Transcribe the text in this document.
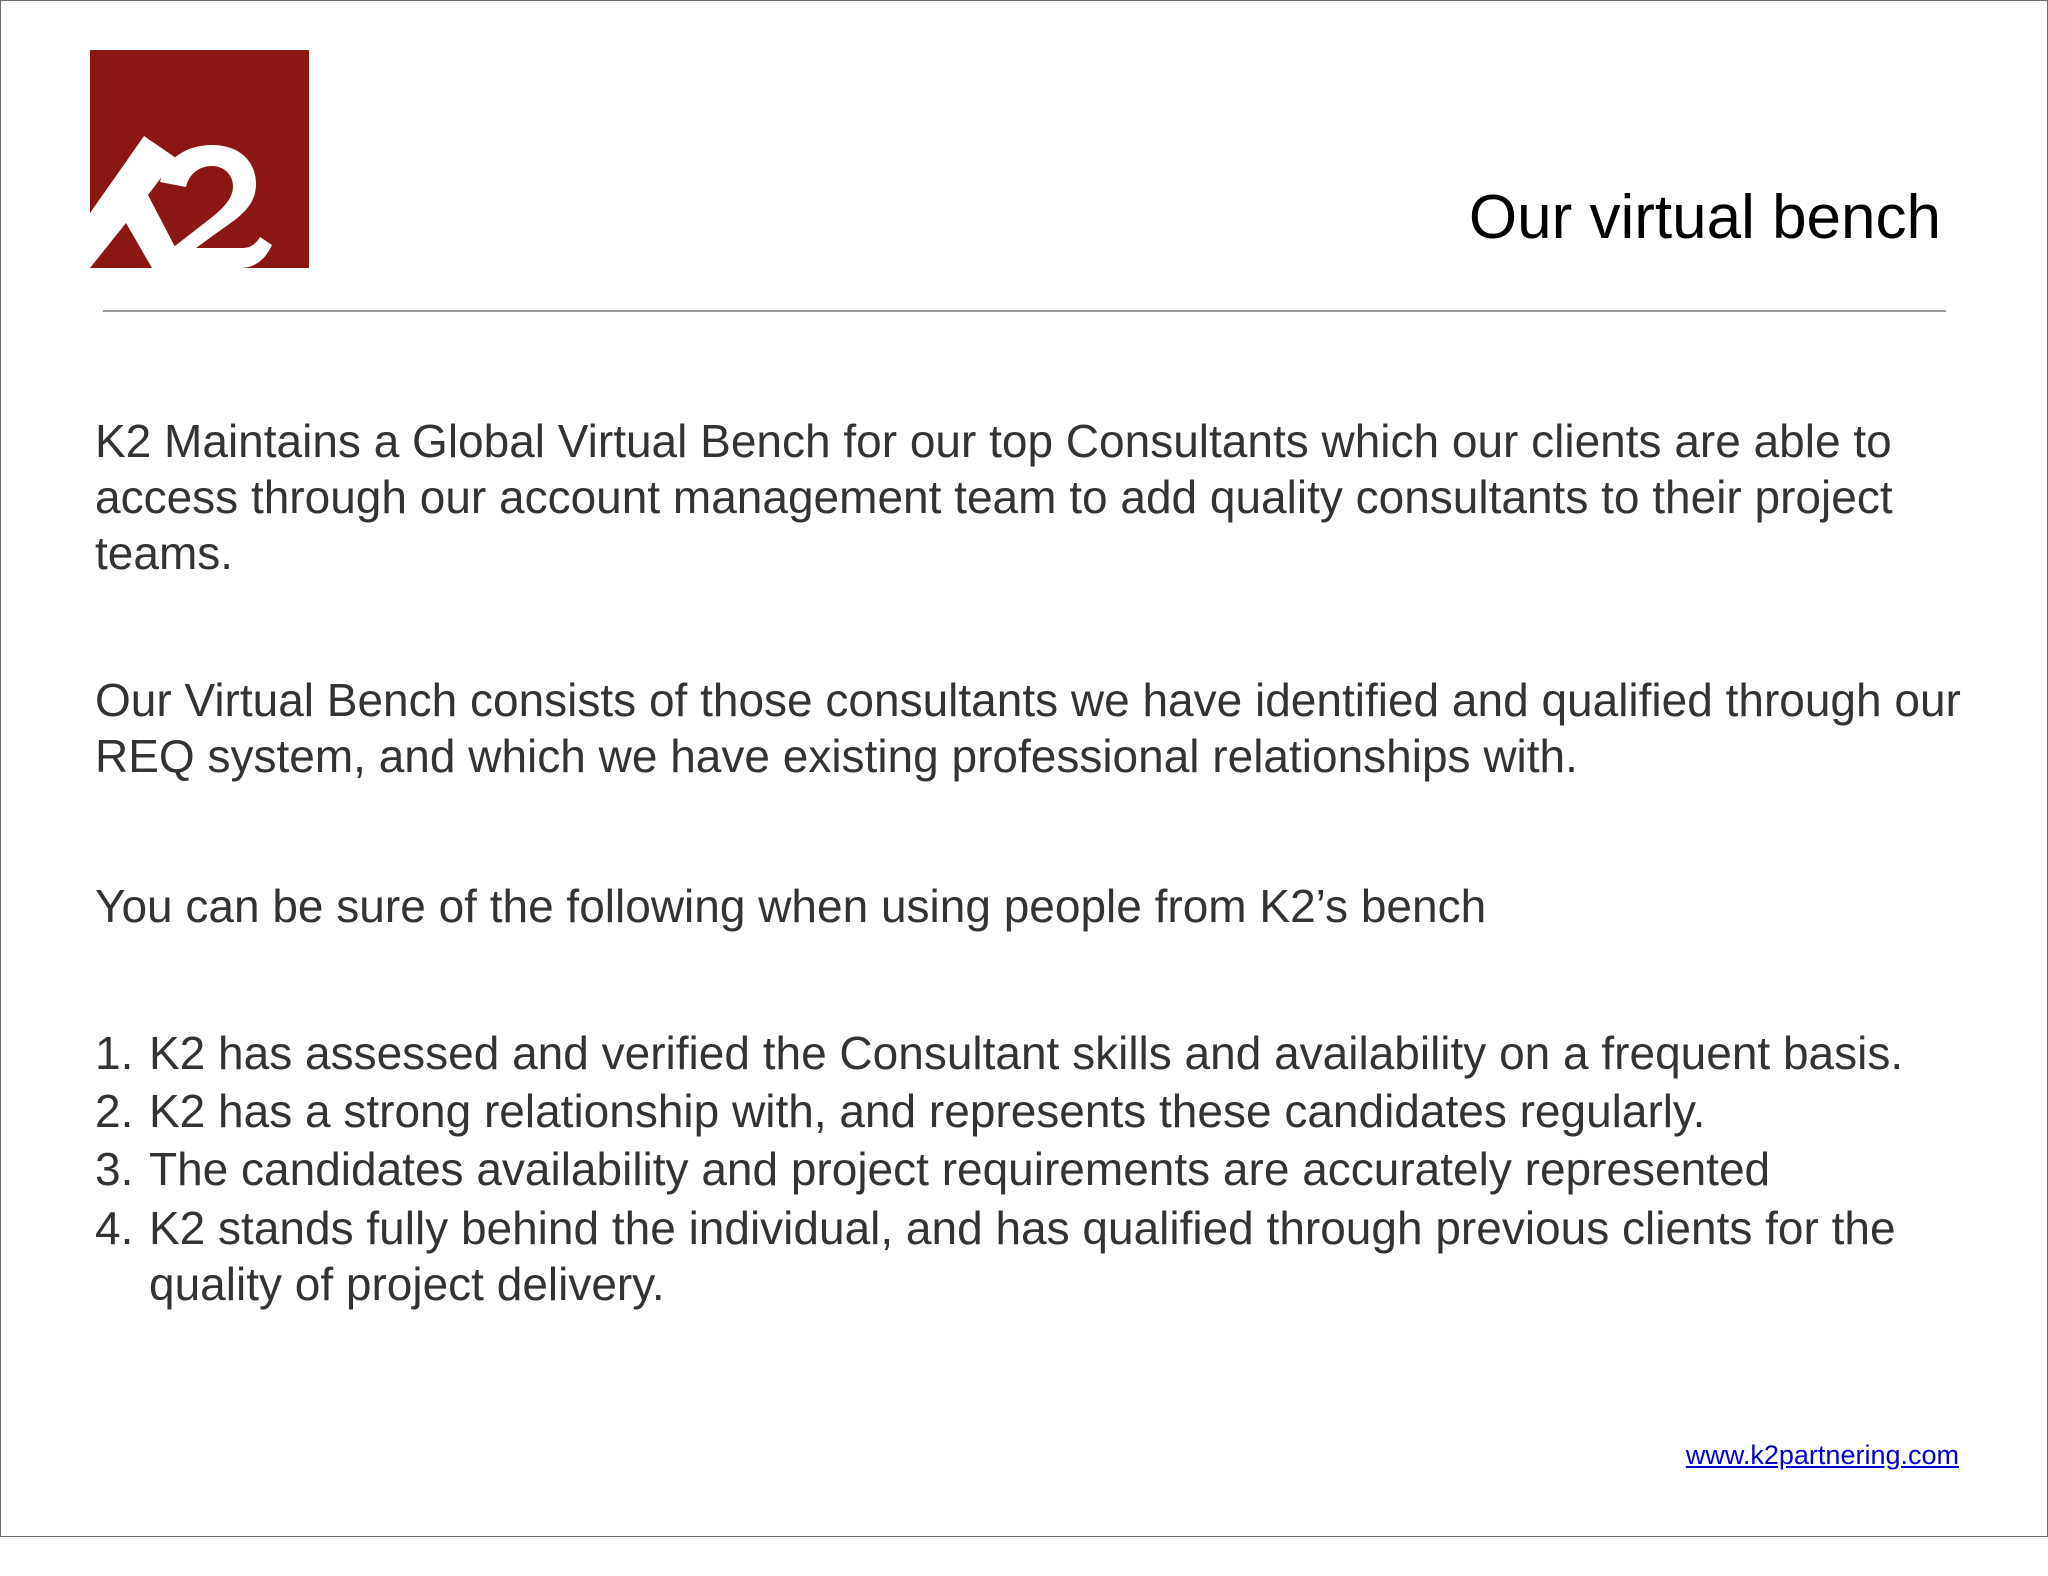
partnering solutions	Our virtual bench

K2 Maintains a Global Virtual Bench for our top Consultants which our clients are able to access through our account management team to add quality consultants to their project teams.

Our Virtual Bench consists of those consultants we have identified and qualified through our REQ system, and which we have existing professional relationships with.

You can be sure of the following when using people from K2’s bench

1. K2 has assessed and verified the Consultant skills and availability on a frequent basis.
2. K2 has a strong relationship with, and represents these candidates regularly.
3. The candidates availability and project requirements are accurately represented
4. K2 stands fully behind the individual, and has qualified through previous clients for the quality of project delivery.
www.k2partnering.com
